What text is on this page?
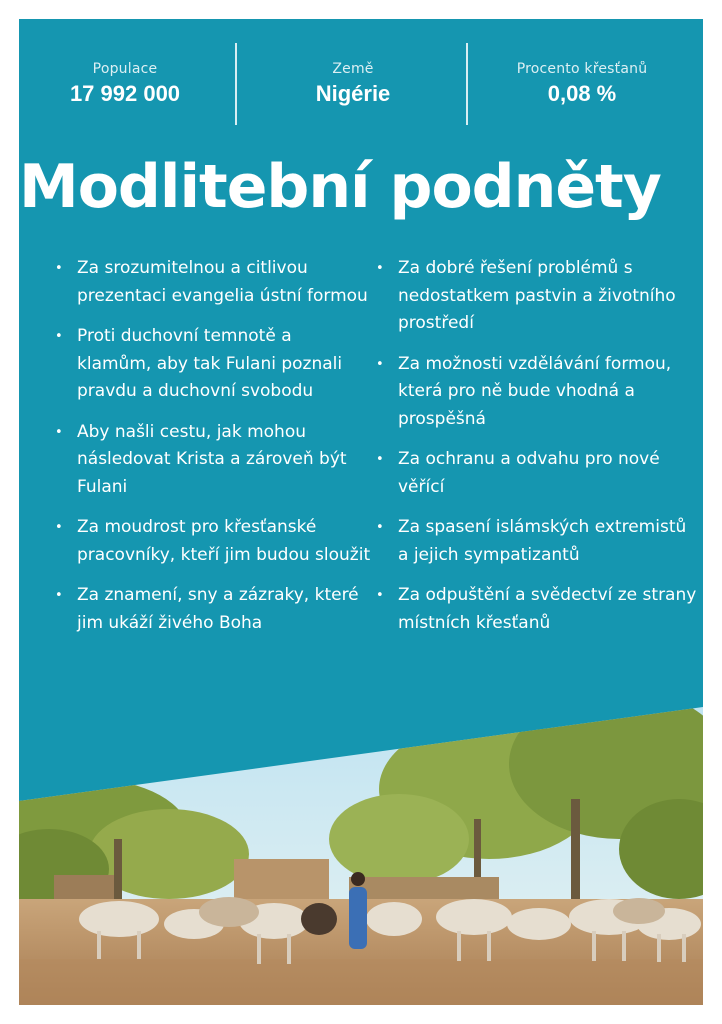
Populace
17 992 000
Země
Nigérie
Procento křesťanů
0,08 %
Modlitební podněty
• Za srozumitelnou a citlivou prezentaci evangelia ústní formou
• Proti duchovní temnotě a klamům, aby tak Fulani poznali pravdu a duchovní svobodu
• Aby našli cestu, jak mohou následovat Krista a zároveň být Fulani
• Za moudrost pro křesťanské pracovníky, kteří jim budou sloužit
• Za znamení, sny a zázraky, které jim ukáží živého Boha
• Za dobré řešení problémů s nedostatkem pastvin a životního prostředí
• Za možnosti vzdělávání formou, která pro ně bude vhodná a prospěšná
• Za ochranu a odvahu pro nové věřící
• Za spasení islámských extremistů a jejich sympatizantů
• Za odpuštění a svědectví ze strany místních křesťanů
